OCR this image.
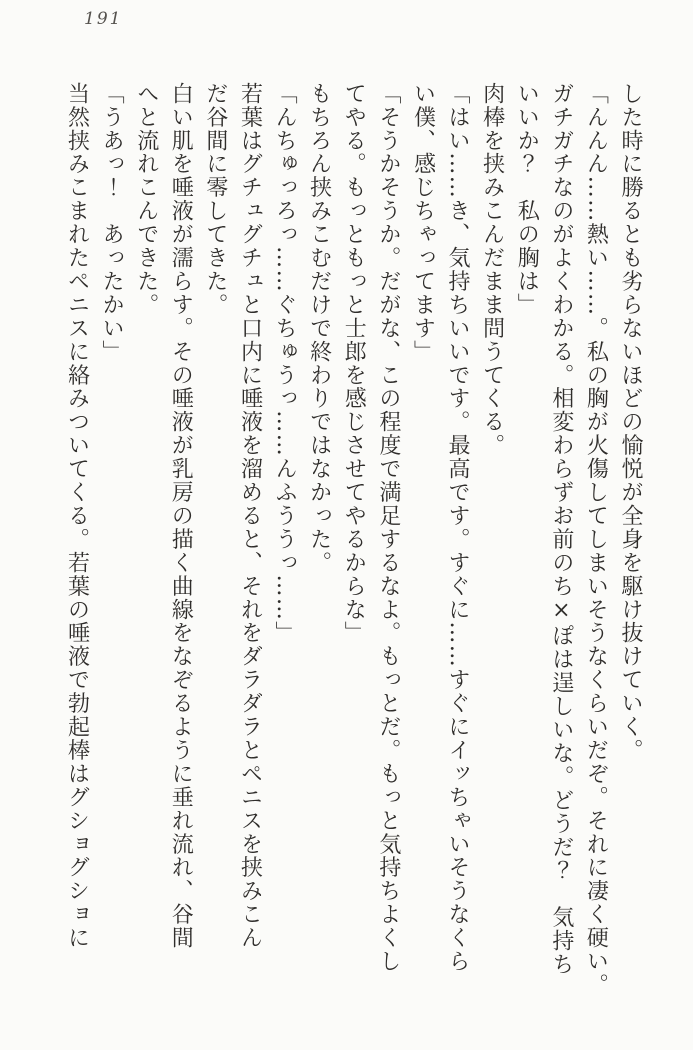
191

した時に勝るとも劣らないほどの愉悦が全身を駆け抜けていく。

「んんん……熱い……。私の胸が火傷してしまいそうなくらいだぞ。それに凄く硬い。

ガチガチなのがよくわかる。相変わらずお前のち×ぽは逞しいな。どうだ？　気持ち

いいか？　私の胸は」

肉棒を挟みこんだまま問うてくる。

「はい……き、気持ちいいです。最高です。すぐに……すぐにイッちゃいそうなくら

い僕、感じちゃってます」

「そうかそうか。だがな、この程度で満足するなよ。もっとだ。もっと気持ちよくし

てやる。もっともっと士郎を感じさせてやるからな」

もちろん挟みこむだけで終わりではなかった。

「んちゅっろっ……ぐちゅうっ……んふううっ……」

若葉はグチュグチュと口内に唾液を溜めると、それをダラダラとペニスを挟みこん

だ谷間に零してきた。

白い肌を唾液が濡らす。その唾液が乳房の描く曲線をなぞるように垂れ流れ、谷間

へと流れこんできた。

「うあっ！　あったかい」

当然挟みこまれたペニスに絡みついてくる。若葉の唾液で勃起棒はグショグショに
